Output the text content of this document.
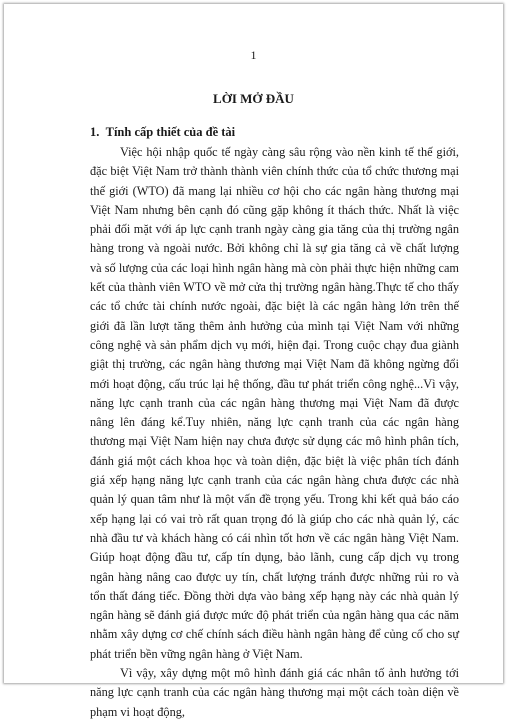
1
LỜI MỞ ĐẦU
1. Tính cấp thiết của đề tài

Việc hội nhập quốc tế ngày càng sâu rộng vào nền kinh tế thế giới, đặc biệt Việt Nam trở thành thành viên chính thức của tổ chức thương mại thế giới (WTO) đã mang lại nhiều cơ hội cho các ngân hàng thương mại Việt Nam nhưng bên cạnh đó cũng gặp không ít thách thức. Nhất là việc phải đối mặt với áp lực cạnh tranh ngày càng gia tăng của thị trường ngân hàng trong và ngoài nước. Bởi không chỉ là sự gia tăng cả về chất lượng và số lượng của các loại hình ngân hàng mà còn phải thực hiện những cam kết của thành viên WTO về mở cửa thị trường ngân hàng.Thực tế cho thấy các tổ chức tài chính nước ngoài, đặc biệt là các ngân hàng lớn trên thế giới đã lần lượt tăng thêm ảnh hưởng của mình tại Việt Nam với những công nghệ và sản phẩm dịch vụ mới, hiện đại. Trong cuộc chạy đua giành giật thị trường, các ngân hàng thương mại Việt Nam đã không ngừng đổi mới hoạt động, cấu trúc lại hệ thống, đầu tư phát triển công nghệ...Vì vậy, năng lực cạnh tranh của các ngân hàng thương mại Việt Nam đã được nâng lên đáng kể.Tuy nhiên, năng lực cạnh tranh của các ngân hàng thương mại Việt Nam hiện nay chưa được sử dụng các mô hình phân tích, đánh giá một cách khoa học và toàn diện, đặc biệt là việc phân tích đánh giá xếp hạng năng lực cạnh tranh của các ngân hàng chưa được các nhà quản lý quan tâm như là một vấn đề trọng yếu. Trong khi kết quả báo cáo xếp hạng lại có vai trò rất quan trọng đó là giúp cho các nhà quản lý, các nhà đầu tư và khách hàng có cái nhìn tốt hơn về các ngân hàng Việt Nam. Giúp hoạt động đầu tư, cấp tín dụng, bảo lãnh, cung cấp dịch vụ trong ngân hàng nâng cao được uy tín, chất lượng tránh được những rủi ro và tổn thất đáng tiếc. Đồng thời dựa vào bảng xếp hạng này các nhà quản lý ngân hàng sẽ đánh giá được mức độ phát triển của ngân hàng qua các năm nhằm xây dựng cơ chế chính sách điều hành ngân hàng để củng cố cho sự phát triển bền vững ngân hàng ở Việt Nam.

Vì vậy, xây dựng một mô hình đánh giá các nhân tố ảnh hưởng tới năng lực cạnh tranh của các ngân hàng thương mại một cách toàn diện về phạm vi hoạt động,
